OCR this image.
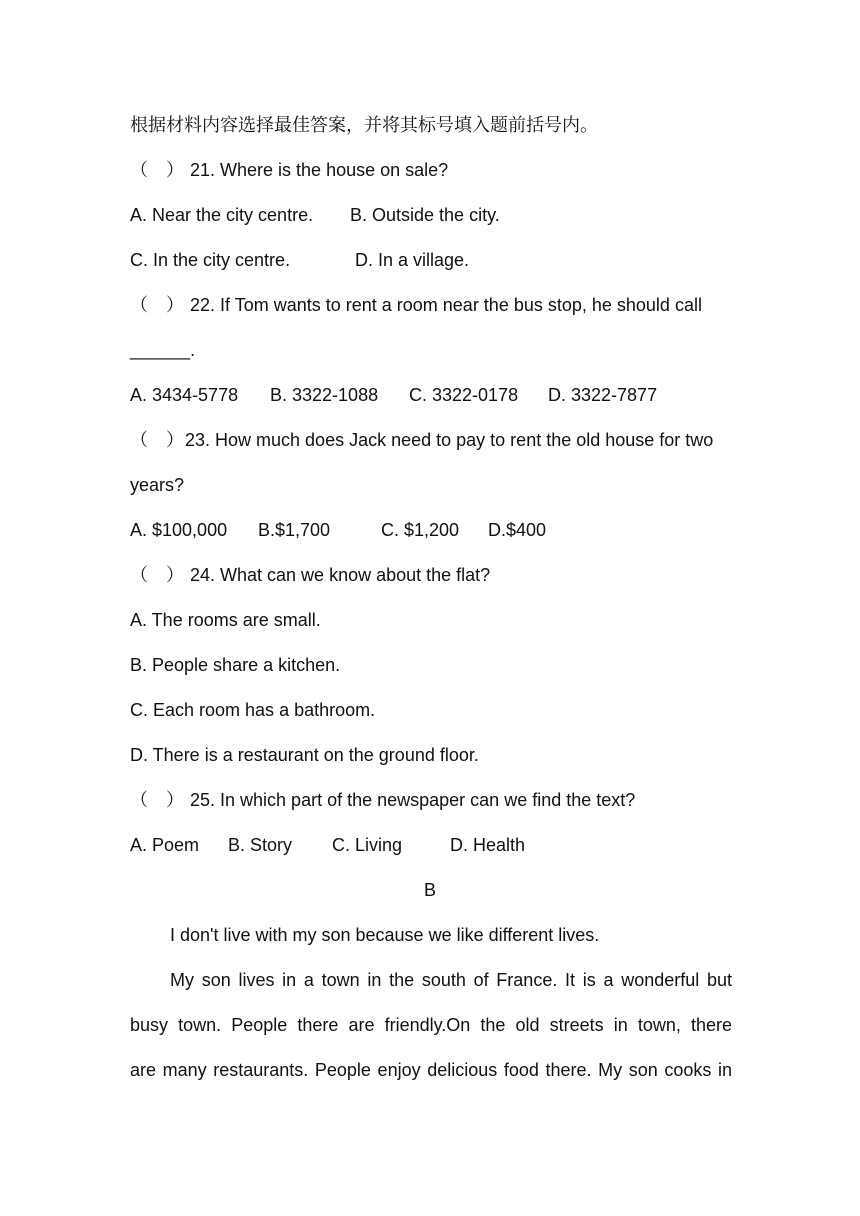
根据材料内容选择最佳答案，并将其标号填入题前括号内。
（　） 21. Where is the house on sale?
A. Near the city centre. B. Outside the city.
C. In the city centre.	D. In a village.
（　） 22. If Tom wants to rent a room near the bus stop, he should call
______.
A. 3434-5778 B. 3322-1088 C. 3322-0178 D. 3322-7877
（　）23. How much does Jack need to pay to rent the old house for two
years?
A. $100,000 B.$1,700	C. $1,200 D.$400
（　） 24. What can we know about the flat?
A. The rooms are small.
B. People share a kitchen.
C. Each room has a bathroom.
D. There is a restaurant on the ground floor.
（　） 25. In which part of the newspaper can we find the text?
A. Poem B. Story C. Living	D. Health
B
I don't live with my son because we like different lives.
My son lives in a town in the south of France. It is a wonderful but
busy town. People there are friendly.On the old streets in town, there
are many restaurants. People enjoy delicious food there. My son cooks in
